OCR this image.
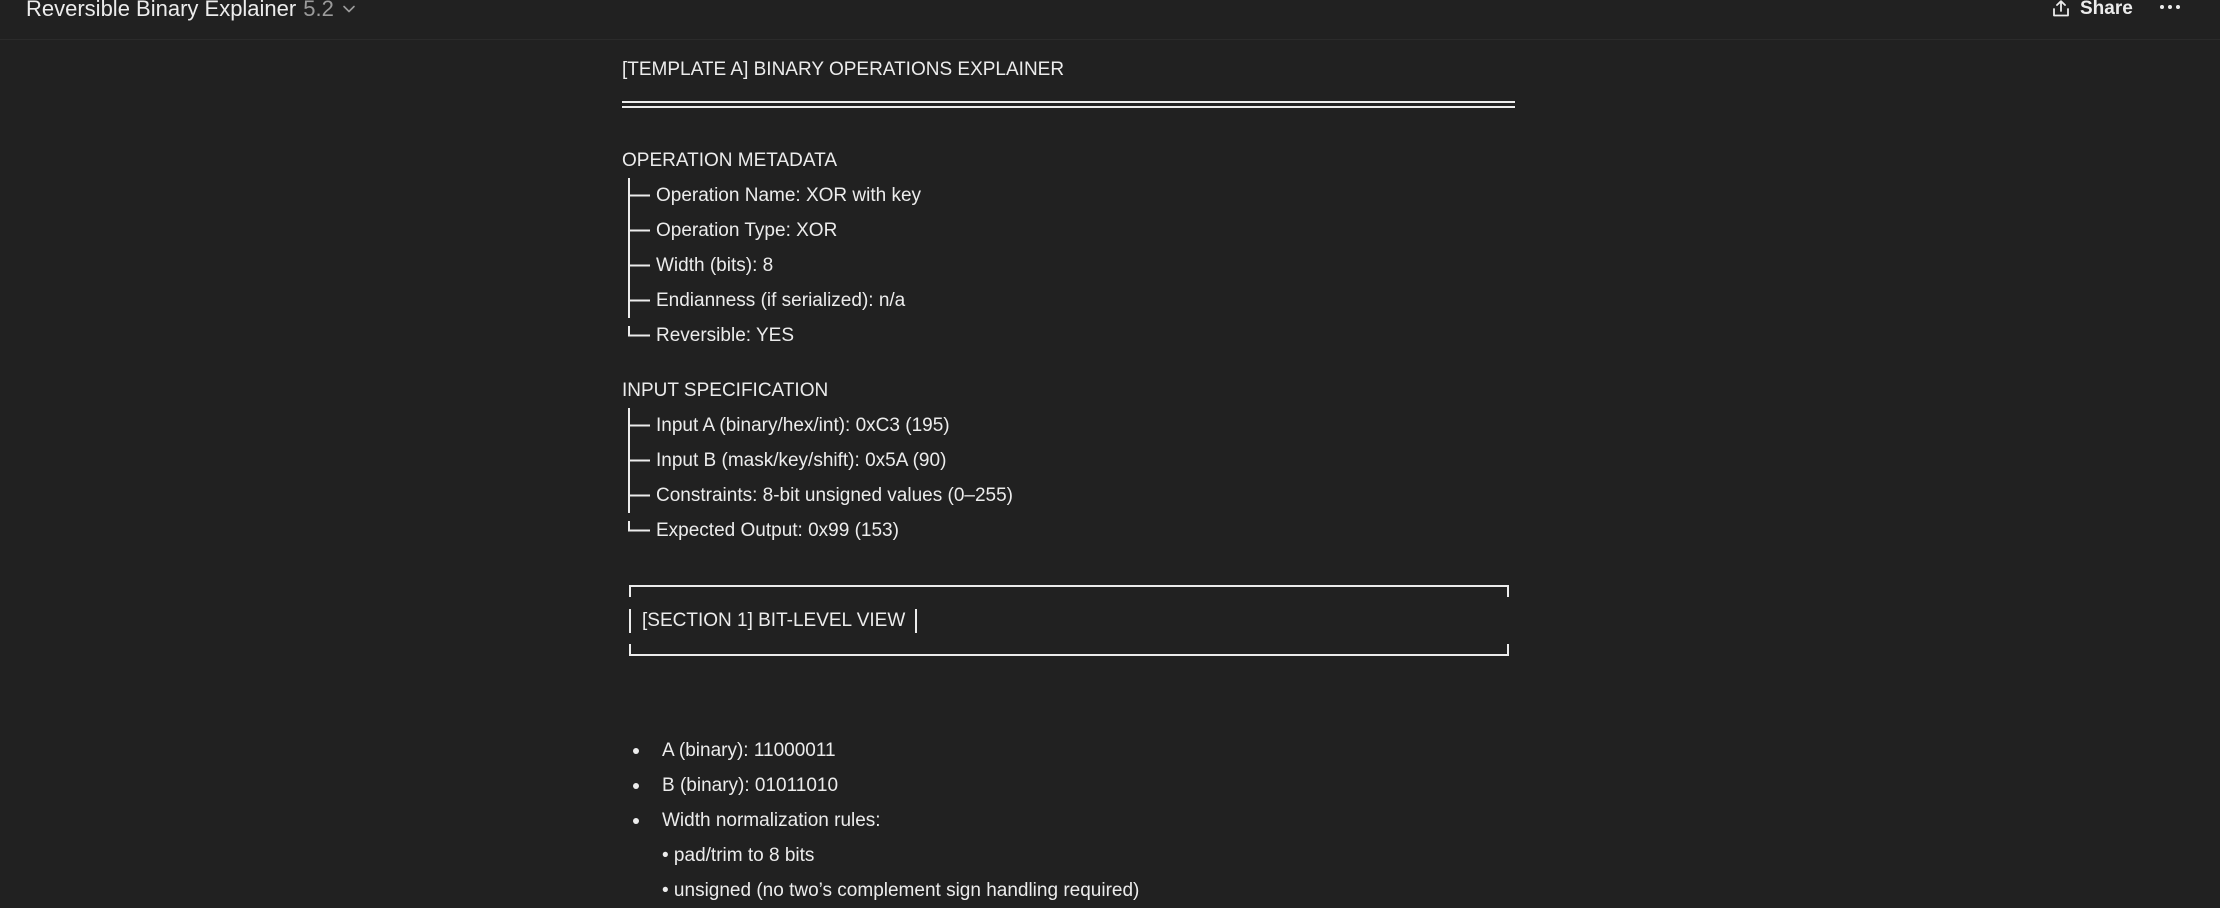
Reversible Binary Explainer 5.2	Share
[TEMPLATE A] BINARY OPERATIONS EXPLAINER
OPERATION METADATA
Operation Name: XOR with key
Operation Type: XOR
Width (bits): 8
Endianness (if serialized): n/a
Reversible: YES
INPUT SPECIFICATION
Input A (binary/hex/int): 0xC3 (195)
Input B (mask/key/shift): 0x5A (90)
Constraints: 8-bit unsigned values (0–255)
Expected Output: 0x99 (153)
[SECTION 1] BIT-LEVEL VIEW
A (binary): 11000011
B (binary): 01011010
Width normalization rules:
• pad/trim to 8 bits
• unsigned (no two’s complement sign handling required)
